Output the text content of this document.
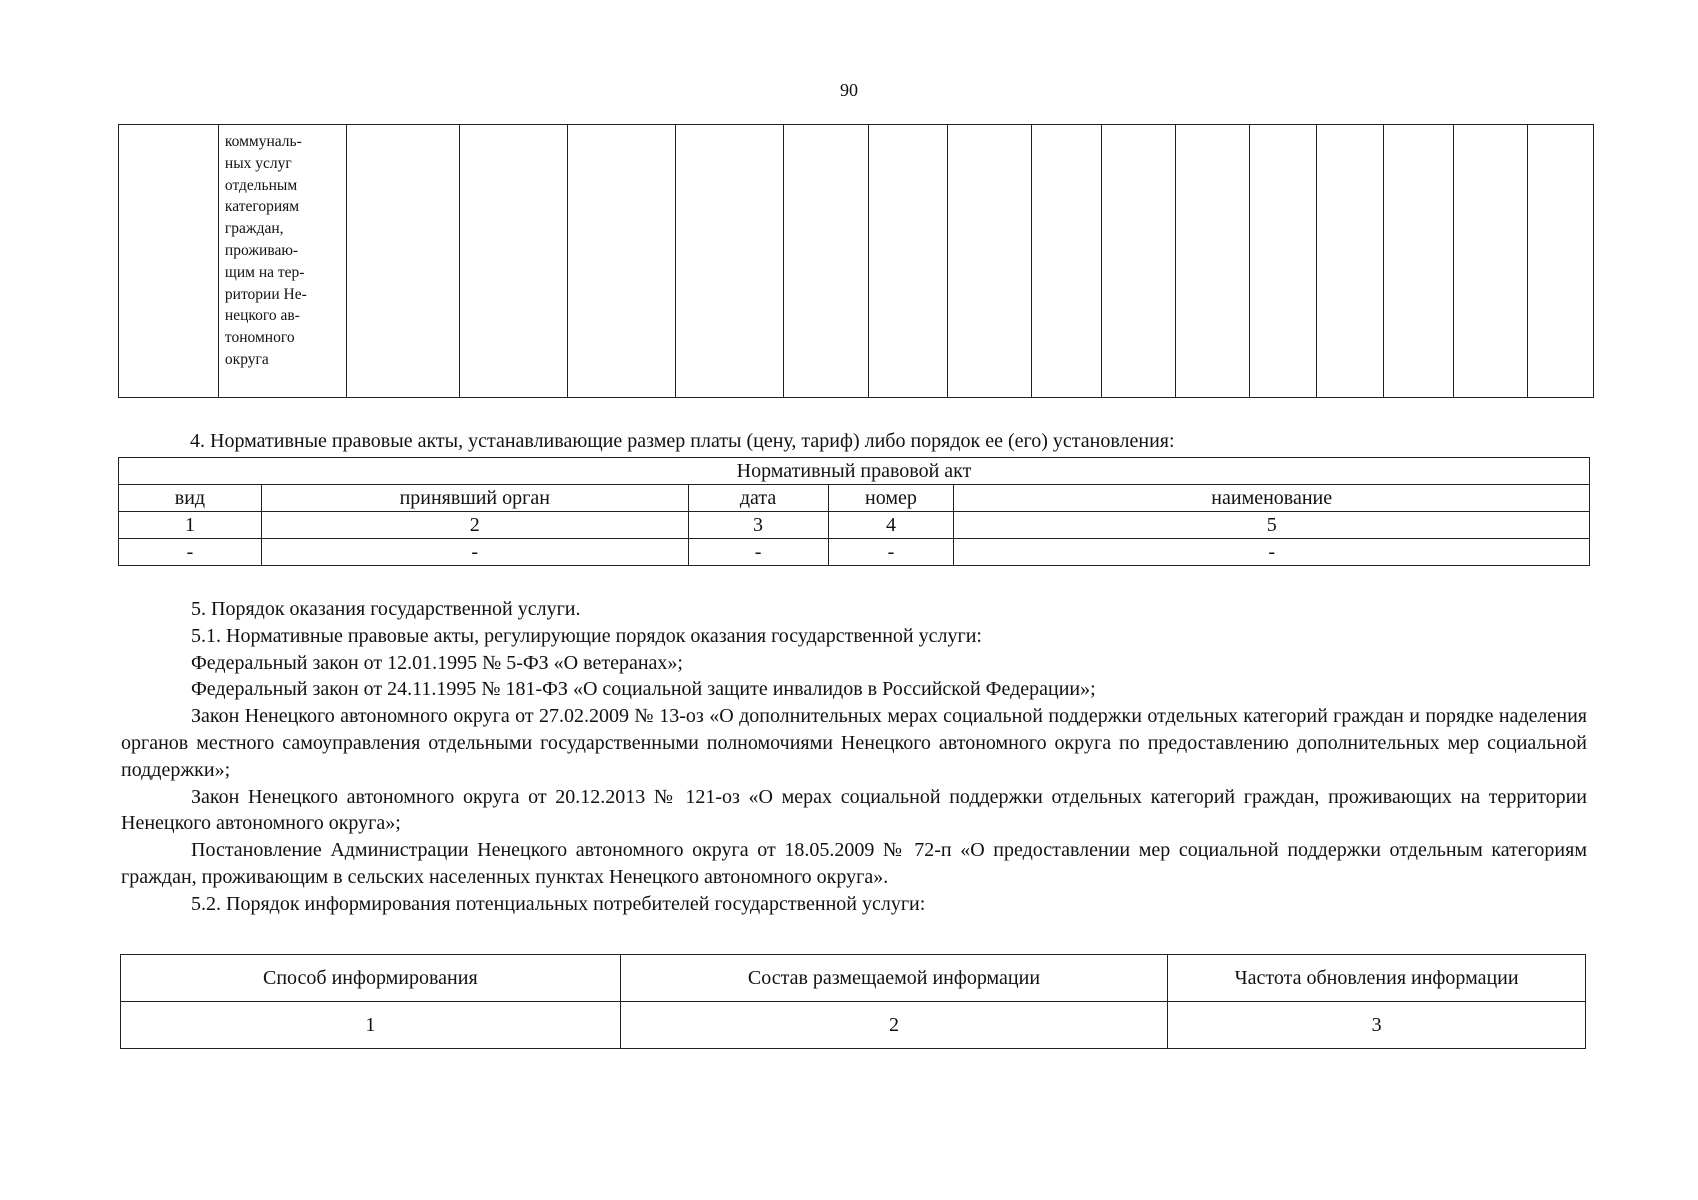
90

коммуналь-
ных услуг
отдельным
категориям
граждан,
проживаю-
щим на тер-
ритории Не-
нецкого ав-
тономного
округа

4. Нормативные правовые акты, устанавливающие размер платы (цену, тариф) либо порядок ее (его) установления:
Нормативный правовой акт				
вид	принявший орган	дата	номер	наименование
1	2	3	4	5
-	-	-	-	-

5. Порядок оказания государственной услуги.

5.1. Нормативные правовые акты, регулирующие порядок оказания государственной услуги:

Федеральный закон от 12.01.1995 № 5-ФЗ «О ветеранах»;

Федеральный закон от 24.11.1995 № 181-ФЗ «О социальной защите инвалидов в Российской Федерации»;

Закон Ненецкого автономного округа от 27.02.2009 № 13-оз «О дополнительных мерах социальной поддержки отдельных категорий граждан и порядке наделения органов местного самоуправления отдельными государственными полномочиями Ненецкого автономного округа по предоставлению дополнительных мер социальной поддержки»;

Закон Ненецкого автономного округа от 20.12.2013 № 121-оз «О мерах социальной поддержки отдельных категорий граждан, проживающих на территории Ненецкого автономного округа»;

Постановление Администрации Ненецкого автономного округа от 18.05.2009 № 72-п «О предоставлении мер социальной поддержки отдельным категориям граждан, проживающим в сельских населенных пунктах Ненецкого автономного округа».

5.2. Порядок информирования потенциальных потребителей государственной услуги:

Способ информирования	Состав размещаемой информации	Частота обновления информации
1	2	3
